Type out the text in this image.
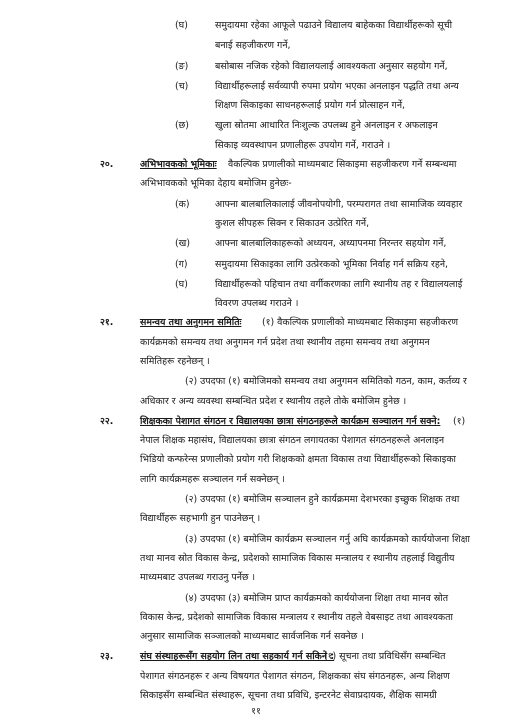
(घ)	समुदायमा रहेका आफूले पढाउने विद्यालय बाहेकका विद्यार्थीहरूको सूची
बनाई सहजीकरण गर्ने,
(ङ)	बसोबास नजिक रहेको विद्यालयलाई आवश्यकता अनुसार सहयोग गर्ने,
(च)	विद्यार्थीहरूलाई सर्वव्यापी रुपमा प्रयोग भएका अनलाइन पद्धति तथा अन्य
शिक्षण सिकाइका साधनहरूलाई प्रयोग गर्न प्रोत्साहन गर्ने,
(छ)	खुला स्रोतमा आधारित निःशुल्क उपलब्ध हुने अनलाइन र अफलाइन
सिकाइ व्यवस्थापन प्रणालीहरू उपयोग गर्ने, गराउने ।
२०.	अभिभावकको भूमिकाः वैकल्पिक प्रणालीको माध्यमबाट सिकाइमा सहजीकरण गर्ने सम्बन्धमा
अभिभावकको भूमिका देहाय बमोजिम हुनेछः-
(क)	आफ्ना बालबालिकालाई जीवनोपयोगी, परम्परागत तथा सामाजिक व्यवहार
कुशल सीपहरू सिक्न र सिकाउन उत्प्रेरित गर्ने,
(ख)	आफ्ना बालबालिकाहरूको अध्ययन, अध्यापनमा निरन्तर सहयोग गर्ने,
(ग)	समुदायमा सिकाइका लागि उत्प्रेरकको भूमिका निर्वाह गर्न सक्रिय रहने,
(घ)	विद्यार्थीहरूको पहिचान तथा वर्गीकरणका लागि स्थानीय तह र विद्यालयलाई
विवरण उपलब्ध गराउने ।
२१.	समन्वय तथा अनुगमन समितिः (१) वैकल्पिक प्रणालीको माध्यमबाट सिकाइमा सहजीकरण
कार्यक्रमको समन्वय तथा अनुगमन गर्न प्रदेश तथा स्थानीय तहमा समन्वय तथा अनुगमन
समितिहरू रहनेछन् ।
(२) उपदफा (१) बमोजिमको समन्वय तथा अनुगमन समितिको गठन, काम, कर्तव्य र
अधिकार र अन्य व्यवस्था सम्बन्धित प्रदेश र स्थानीय तहले तोके बमोजिम हुनेछ ।
२२.	शिक्षकका पेशागत संगठन र विद्यालयका छात्रा संगठनहरूले कार्यक्रम सञ्चालन गर्न सक्ने: (१)
नेपाल शिक्षक महासंघ, विद्यालयका छात्रा संगठन लगायतका पेशागत संगठनहरूले अनलाइन
भिडियो कन्फरेन्स प्रणालीको प्रयोग गरी शिक्षकको क्षमता विकास तथा विद्यार्थीहरूको सिकाइका
लागि कार्यक्रमहरू सञ्चालन गर्न सक्नेछन् ।
(२) उपदफा (१) बमोजिम सञ्चालन हुने कार्यक्रममा देशभरका इच्छुक शिक्षक तथा
विद्यार्थीहरू सहभागी हुन पाउनेछन् ।
(३) उपदफा (१) बमोजिम कार्यक्रम सञ्चालन गर्नु अघि कार्यक्रमको कार्ययोजना शिक्षा
तथा मानव स्रोत विकास केन्द्र, प्रदेशको सामाजिक विकास मन्त्रालय र स्थानीय तहलाई विद्युतीय
माध्यमबाट उपलब्ध गराउनु पर्नेछ ।
(४) उपदफा (३) बमोजिम प्राप्त कार्यक्रमको कार्ययोजना शिक्षा तथा मानव स्रोत
विकास केन्द्र, प्रदेशको सामाजिक विकास मन्त्रालय र स्थानीय तहले वेबसाइट तथा आवश्यकता
अनुसार सामाजिक सञ्जालको माध्यमबाट सार्वजनिक गर्न सक्नेछ ।
२३.	संघ संस्थाहरूसँग सहयोग लिन तथा सहकार्य गर्न सकिने :
(१) सूचना तथा प्रविधिसँग सम्बन्धित
पेशागत संगठनहरू र अन्य विषयगत पेशागत संगठन, शिक्षकका संघ संगठनहरू, अन्य शिक्षण
सिकाइसँग सम्बन्धित संस्थाहरू, सूचना तथा प्रविधि, इन्टरनेट सेवाप्रदायक, शैक्षिक सामग्री
११
